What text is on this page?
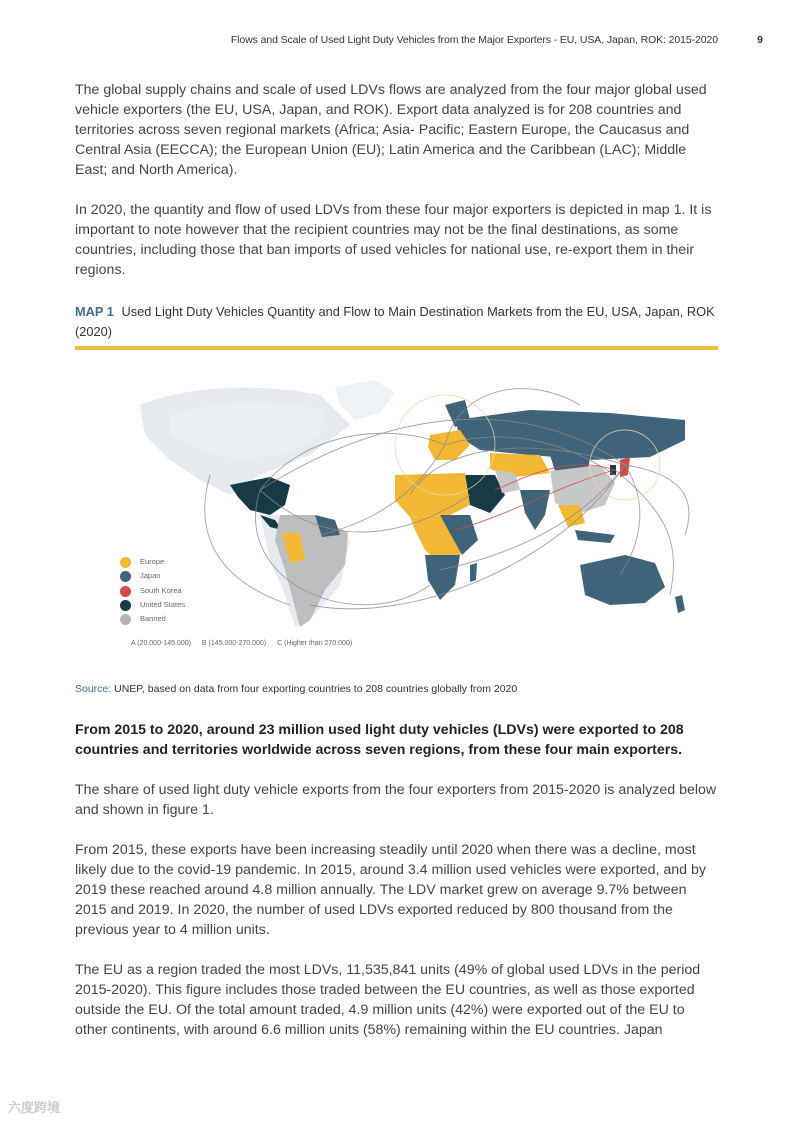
Flows and Scale of Used Light Duty Vehicles from the Major Exporters - EU, USA, Japan, ROK: 2015-2020	9

The global supply chains and scale of used LDVs flows are analyzed from the four major global used vehicle exporters (the EU, USA, Japan, and ROK). Export data analyzed is for 208 countries and territories across seven regional markets (Africa; Asia- Pacific; Eastern Europe, the Caucasus and Central Asia (EECCA); the European Union (EU); Latin America and the Caribbean (LAC); Middle East; and North America).

In 2020, the quantity and flow of used LDVs from these four major exporters is depicted in map 1. It is important to note however that the recipient countries may not be the final destinations, as some countries, including those that ban imports of used vehicles for national use, re-export them in their regions.

MAP 1 Used Light Duty Vehicles Quantity and Flow to Main Destination Markets from the EU, USA, Japan, ROK (2020)
Europe
Japan
South Korea
United States
Banned
A (20.000-145.000) B (145.000-270.000) C (Higher than 270.000)
Source: UNEP, based on data from four exporting countries to 208 countries globally from 2020

From 2015 to 2020, around 23 million used light duty vehicles (LDVs) were exported to 208 countries and territories worldwide across seven regions, from these four main exporters.

The share of used light duty vehicle exports from the four exporters from 2015-2020 is analyzed below and shown in figure 1.

From 2015, these exports have been increasing steadily until 2020 when there was a decline, most likely due to the covid-19 pandemic. In 2015, around 3.4 million used vehicles were exported, and by 2019 these reached around 4.8 million annually. The LDV market grew on average 9.7% between 2015 and 2019. In 2020, the number of used LDVs exported reduced by 800 thousand from the previous year to 4 million units.

The EU as a region traded the most LDVs, 11,535,841 units (49% of global used LDVs in the period 2015-2020). This figure includes those traded between the EU countries, as well as those exported outside the EU. Of the total amount traded, 4.9 million units (42%) were exported out of the EU to other continents, with around 6.6 million units (58%) remaining within the EU countries. Japan

六度跨境
